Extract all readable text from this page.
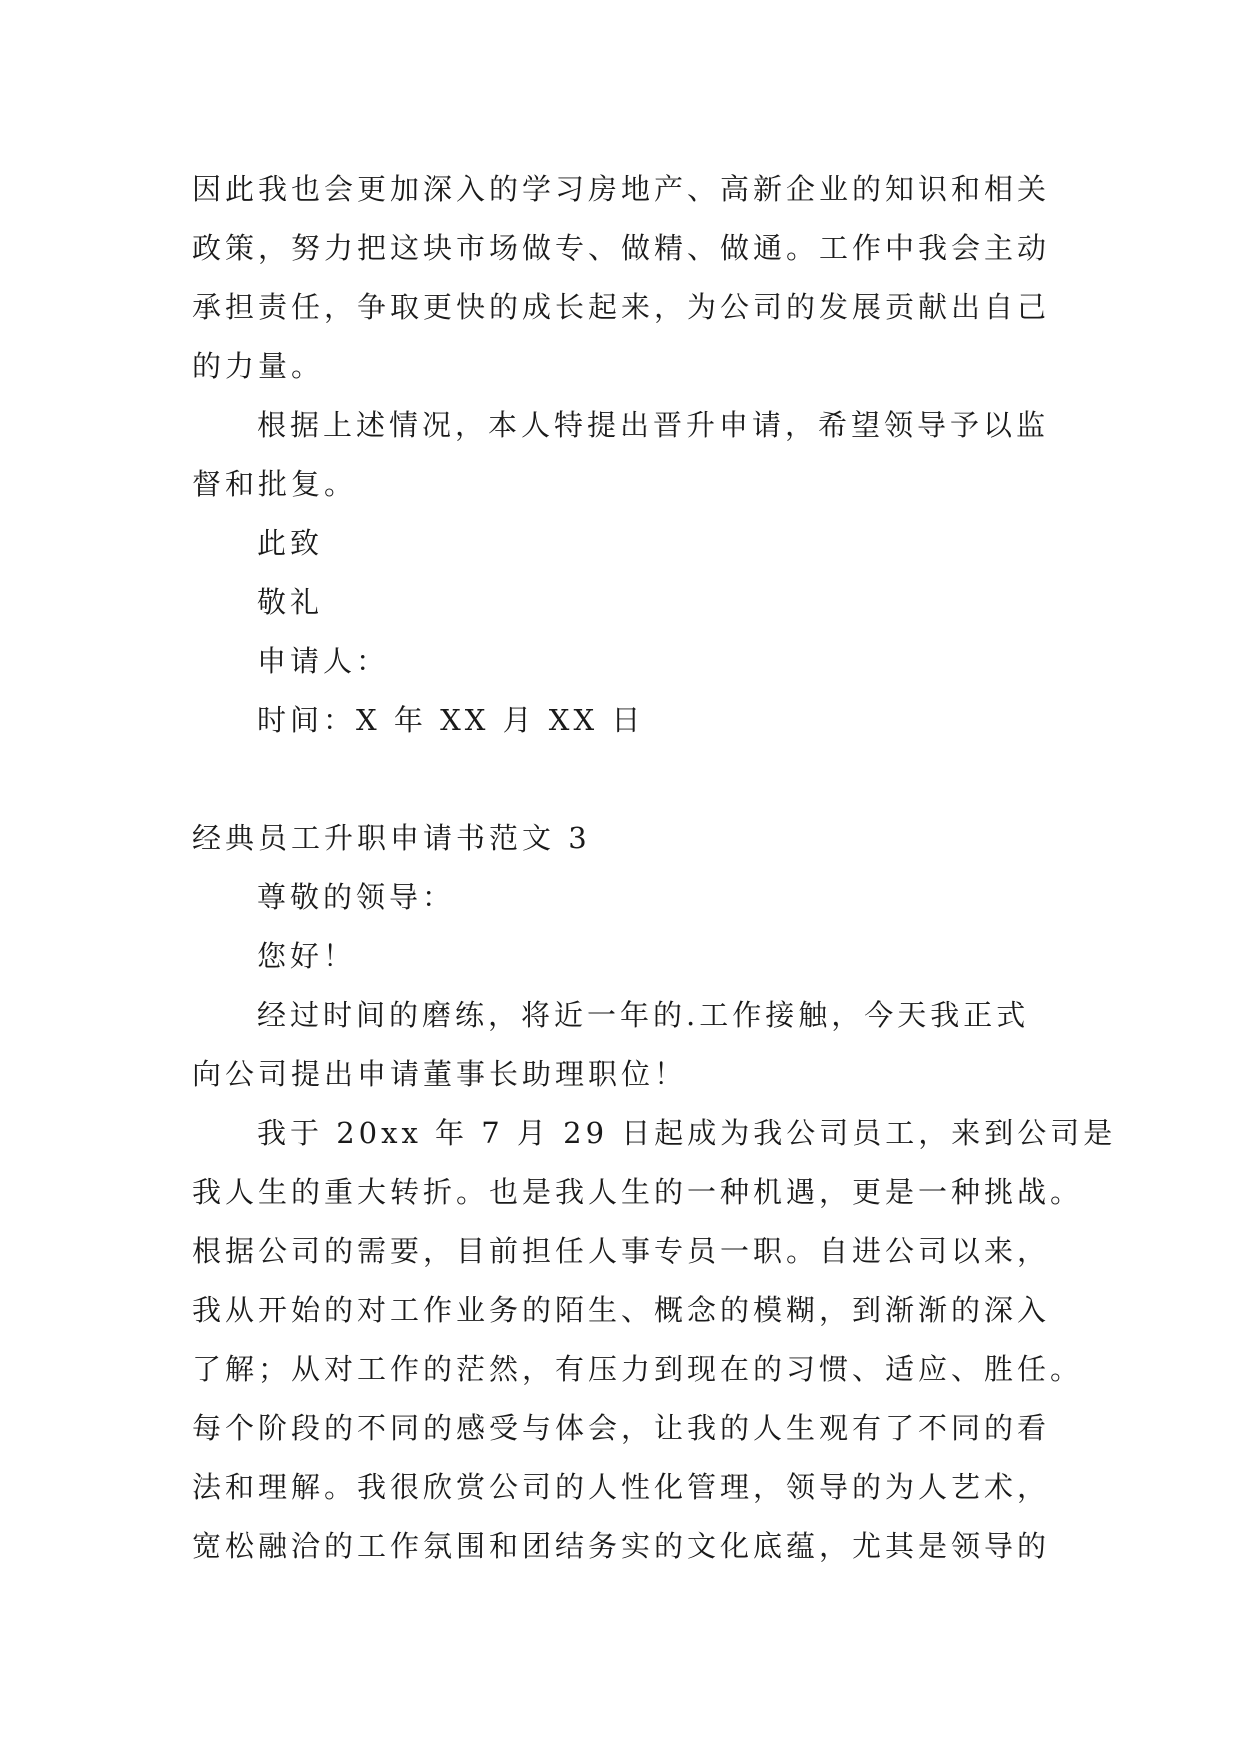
因此我也会更加深入的学习房地产、高新企业的知识和相关
政策，努力把这块市场做专、做精、做通。工作中我会主动
承担责任，争取更快的成长起来，为公司的发展贡献出自己
的力量。
根据上述情况，本人特提出晋升申请，希望领导予以监
督和批复。
此致
敬礼
申请人：
时间：X 年 XX 月 XX 日
经典员工升职申请书范文 3
尊敬的领导：
您好！
经过时间的磨练，将近一年的.工作接触，今天我正式
向公司提出申请董事长助理职位！
我于 20xx 年 7 月 29 日起成为我公司员工，来到公司是
我人生的重大转折。也是我人生的一种机遇，更是一种挑战。
根据公司的需要，目前担任人事专员一职。自进公司以来，
我从开始的对工作业务的陌生、概念的模糊，到渐渐的深入
了解；从对工作的茫然，有压力到现在的习惯、适应、胜任。
每个阶段的不同的感受与体会，让我的人生观有了不同的看
法和理解。我很欣赏公司的人性化管理，领导的为人艺术，
宽松融洽的工作氛围和团结务实的文化底蕴，尤其是领导的
